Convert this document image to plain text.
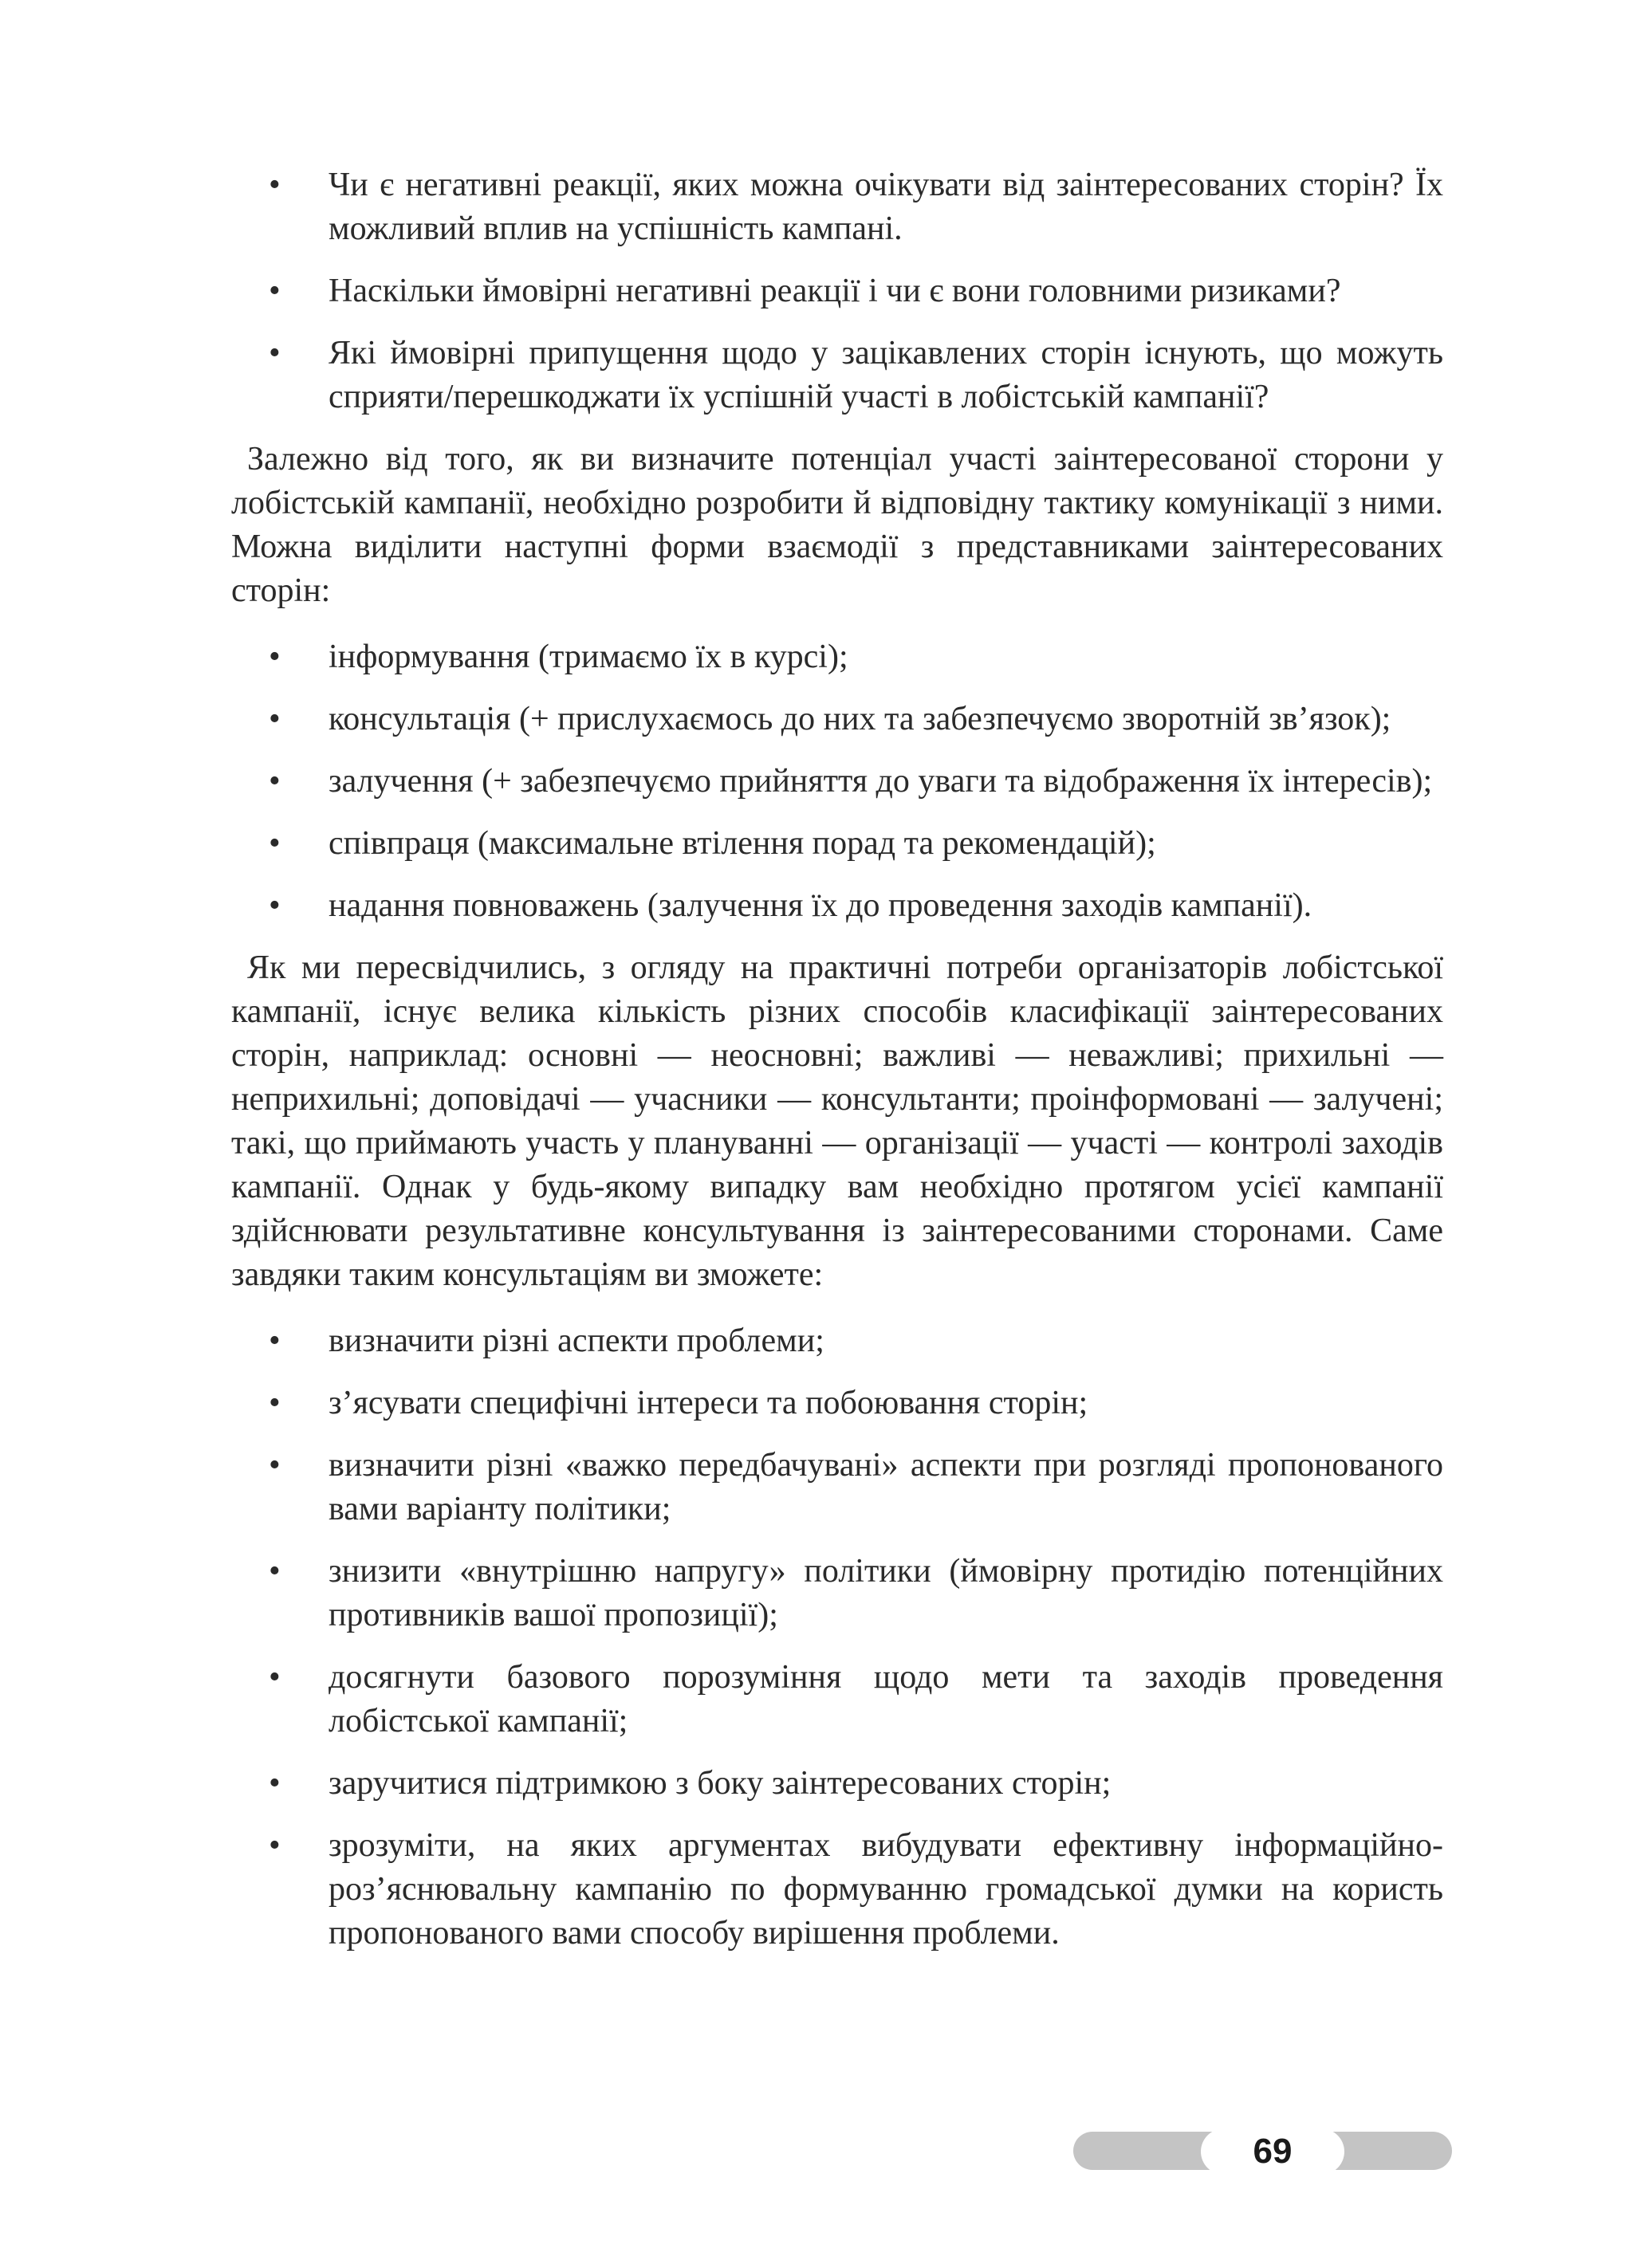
• Чи є негативні реакції, яких можна очікувати від заінтересованих сторін? Їх можливий вплив на успішність кампані.
• Наскільки ймовірні негативні реакції і чи є вони головними ризиками?
• Які ймовірні припущення щодо у зацікавлених сторін існують, що можуть сприяти/перешкоджати їх успішній участі в лобістській кампанії?

Залежно від того, як ви визначите потенціал участі заінтересованої сторони у лобістській кампанії, необхідно розробити й відповідну тактику комунікації з ними. Можна виділити наступні форми взаємодії з представниками заінтересованих сторін:

• інформування (тримаємо їх в курсі);
• консультація (+ прислухаємось до них та забезпечуємо зворотній зв’язок);
• залучення (+ забезпечуємо прийняття до уваги та відображення їх інтересів);
• співпраця (максимальне втілення порад та рекомендацій);
• надання повноважень (залучення їх до проведення заходів кампанії).

Як ми пересвідчились, з огляду на практичні потреби організаторів лобістської кампанії, існує велика кількість різних способів класифікації заінтересованих сторін, наприклад: основні — неосновні; важливі — неважливі; прихильні — неприхильні; доповідачі — учасники — консультанти; проінформовані — залучені; такі, що приймають участь у плануванні — організації — участі — контролі заходів кампанії. Однак у будь-якому випадку вам необхідно протягом усієї кампанії здійснювати результативне консультування із заінтересованими сторонами. Саме завдяки таким консультаціям ви зможете:

• визначити різні аспекти проблеми;
• з’ясувати специфічні інтереси та побоювання сторін;
• визначити різні «важко передбачувані» аспекти при розгляді пропонованого вами варіанту політики;
• знизити «внутрішню напругу» політики (ймовірну протидію потенційних противників вашої пропозиції);
• досягнути базового порозуміння щодо мети та заходів проведення лобістської кампанії;
• заручитися підтримкою з боку заінтересованих сторін;
• зрозуміти, на яких аргументах вибудувати ефективну інформаційно-роз’яснювальну кампанію по формуванню громадської думки на користь пропонованого вами способу вирішення проблеми.
69
